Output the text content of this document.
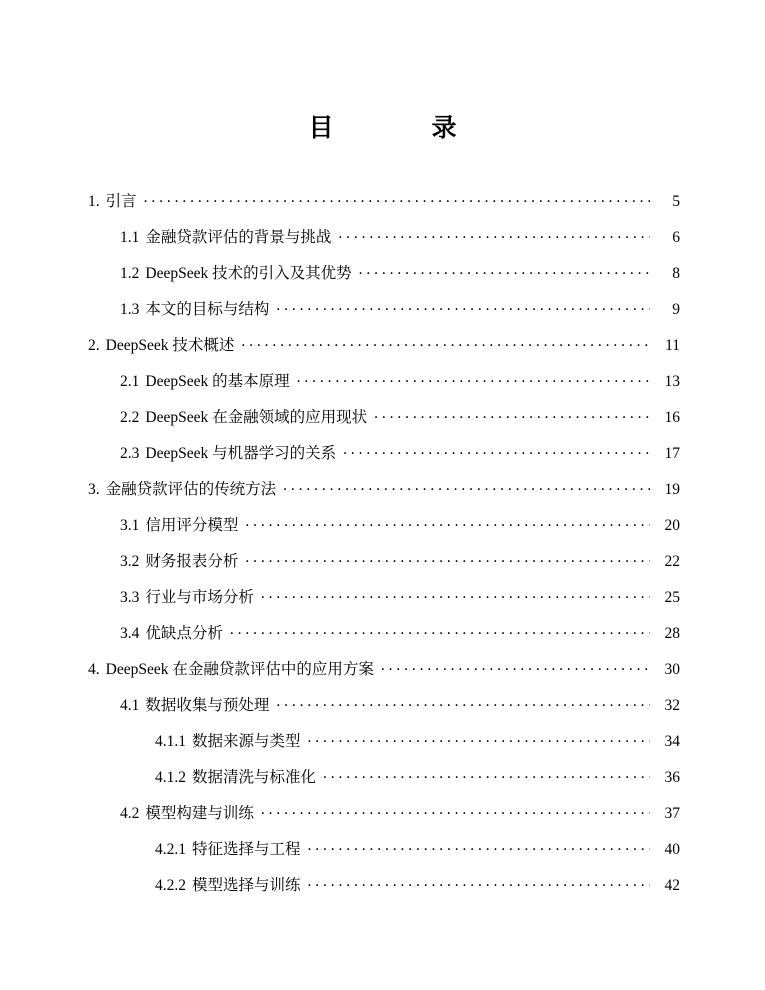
目　　录
1. 引言 . . .	5
1.1 金融贷款评估的背景与挑战 . . .	6
1.2 DeepSeek 技术的引入及其优势 . . .	8
1.3 本文的目标与结构 . . .	9
2. DeepSeek 技术概述 . . .	11
2.1 DeepSeek 的基本原理 . . .	13
2.2 DeepSeek 在金融领域的应用现状 . . .	16
2.3 DeepSeek 与机器学习的关系 . . .	17
3. 金融贷款评估的传统方法 . . .	19
3.1 信用评分模型 . . .	20
3.2 财务报表分析 . . .	22
3.3 行业与市场分析 . . .	25
3.4 优缺点分析 . . .	28
4. DeepSeek 在金融贷款评估中的应用方案 . . .	30
4.1 数据收集与预处理 . . .	32
4.1.1 数据来源与类型 . . .	34
4.1.2 数据清洗与标准化 . . .	36
4.2 模型构建与训练 . . .	37
4.2.1 特征选择与工程 . . .	40
4.2.2 模型选择与训练 . . .	42
